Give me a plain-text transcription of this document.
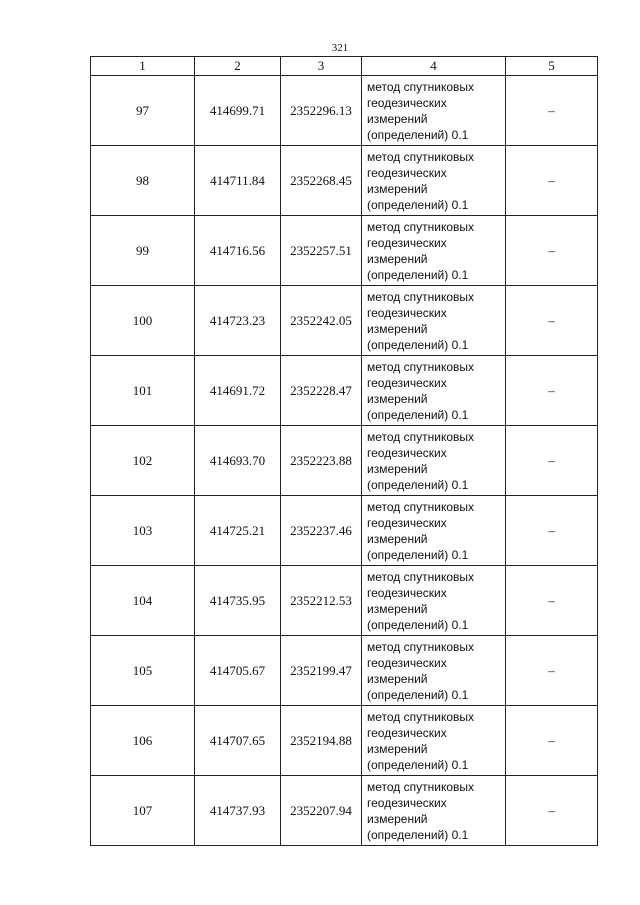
321
1	2	3	4	5
97	414699.71	2352296.13	метод спутниковых геодезических измерений (определений) 0.1	–
98	414711.84	2352268.45	метод спутниковых геодезических измерений (определений) 0.1	–
99	414716.56	2352257.51	метод спутниковых геодезических измерений (определений) 0.1	–
100	414723.23	2352242.05	метод спутниковых геодезических измерений (определений) 0.1	–
101	414691.72	2352228.47	метод спутниковых геодезических измерений (определений) 0.1	–
102	414693.70	2352223.88	метод спутниковых геодезических измерений (определений) 0.1	–
103	414725.21	2352237.46	метод спутниковых геодезических измерений (определений) 0.1	–
104	414735.95	2352212.53	метод спутниковых геодезических измерений (определений) 0.1	–
105	414705.67	2352199.47	метод спутниковых геодезических измерений (определений) 0.1	–
106	414707.65	2352194.88	метод спутниковых геодезических измерений (определений) 0.1	–
107	414737.93	2352207.94	метод спутниковых геодезических измерений (определений) 0.1	–
